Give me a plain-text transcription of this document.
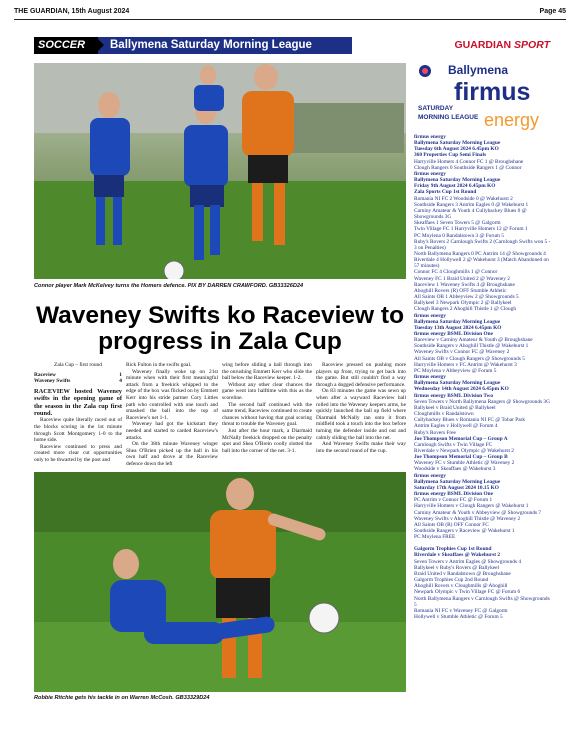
THE GUARDIAN, 15th August 2024	Page 45
SOCCER	Ballymena Saturday Morning League	GUARDIAN SPORT
Connor player Mark McKelvey turns the Homers defence. PIX BY DARREN CRAWFORD. GB33326D24
Waveney Swifts ko Raceview to progress in Zala Cup
Zala Cup – first round
Raceview	1
Waveney Swifts	4
RACEVIEW hosted Waveney swifts in the opening game of the season in the Zala cup first round.
Raceview quite literally raced out of the blocks scoring in the 1st minute through Scott Montgomery 1-0 to the home side.
Raceview continued to press and created more clear cut opportunities only to be thwarted by the post and
Rick Fulton in the swifts goal.
Waveney finally woke up on 21st minute when with their first meaningful attack from a freekick whipped to the edge of the box was flicked on by Emmett Kerr into his stride partner Cory Littles path who controlled with one touch and smashed the ball into the top of Raceview's net 1-1.
Waveney had got the kickstart they needed and started to carded Raceview's attacks.
On the 38th minute Waveney winger Shea O'Brien picked up the ball in his own half and drove at the Raceview defence down the left
wing before sliding a ball through into the onrushing Emmett Kerr who slide the ball below the Raceview keeper. 1-2.
Without any other clear chances the game went into halftime with this as the scoreline.
The second half continued with the same trend, Raceview continued to create chances without having that goal scoring threat to trouble the Waveney goal.
Just after the hour mark, a Diarmaid McNally freekick dropped on the penalty spot and Shea O'Brein coolly slotted the ball into the corner of the net. 3-1.
Raceview pressed on pushing more players up front, trying to get back into the game. But still couldn't find a way through a dogged defensive performance.
On 83 minutes the game was sewn up when after a wayward Raceview ball rolled into the Waveney keepers arms, he quickly launched the ball up field where Diarmaid McNally ran onto it from midfield took a touch into the box before turning the defender inside and out and calmly sliding the ball into the net.
And Waveney Swifts make their way into the second round of the cup.
Robbie Ritchie gets his tackle in on Warren McCosh. GB33329D24
Ballymena
firmus
SATURDAY
MORNING LEAGUE energy
firmus energy
Ballymena Saturday Morning League
Tuesday 6th August 2024 6.45pm KO
360 Properties Cup Semi Finals
Harryville Homers 4 Connor FC 1 @ Broughshane
Clough Rangers 0 Southside Rangers 1 @ Connor
firmus energy
Ballymena Saturday Morning League
Friday 9th August 2024 6.45pm KO
Zala Sports Cup 1st Round
Romania NI FC 2 Woodside 0 @ Wakehurst 2
Southside Rangers 3 Antrim Eagles 0 @ Wakehurst 1
Carniny Amateur & Youth 4 Cullybackey Blues 0 @ Showgrounds 3G
Skeaffaes 1 Seven Towers 5 @ Galgorm
Twin Village FC 1 Harryville Homers 12 @ Forum 1
PC Moylena 0 Randalstown 3 @ Forum 5
Ruby's Rovers 2 Carnlough Swifts 2 (Carnlough Swifts won 5 - 3 on Penalties)
North Ballymena Rangers 0 PC Antrim 14 @ Showgrounds 4
Riverdale 4 Hollywell 2 @ Wakehurst 3 (Match Abandoned on 57 minutes)
Connor FC 4 Cloughmills 1 @ Connor
Waveney FC 1 Braid United 2 @ Waveney 2
Raceview 1 Waveney Swifts 4 @ Broughshane
Ahoghill Rovers (R) OFF Stumble Athletic
All Saints OB 1 Abbeyview 2 @ Showgrounds 5
Ballykeel 3 Newpark Olympic 2 @ Ballykeel
Clough Rangers 2 Ahoghill Thistle 1 @ Clough
firmus energy
Ballymena Saturday Morning League
Tuesday 13th August 2024 6.45pm KO
firmus energy BSML Division One
Raceview v Carniny Amateur & Youth @ Broughshane
Southside Rangers v Ahoghill Thistle @ Wakehurst 1
Waveney Swifts v Connor FC @ Waveney 2
All Saints OB v Clough Rangers @ Showgrounds 5
Harryville Homers v FC Antrim @ Wakehurst 3
PC Moylena v Abbeyview @ Forum 5
firmus energy
Ballymena Saturday Morning League
Wednesday 14th August 2024 6.45pm KO
firmus energy BSML Division Two
Seven Towers v North Ballymena Rangers @ Showgrounds 3G
Ballykeel v Braid United @ Ballykeel
Cloughmills v Randalstown
Cullybackey Blues v Romania NI FC @ Tobar Park
Antrim Eagles v Hollywell @ Forum 4
Ruby's Rovers Free
Joe Thompson Memorial Cup – Group A
Carnlough Swifts v Twin Village FC
Riverdale v Newpark Olympic @ Wakehurst 2
Joe Thompson Memorial Cup – Group B
Waveney FC v Stumble Athletic @ Waveney 2
Woodside v Skeaffaes @ Wakehurst 3
firmus energy
Ballymena Saturday Morning League
Saturday 17th August 2024 10.15 KO
firmus energy BSML Division One
PC Antrim v Connor FC @ Forum 1
Harryville Homers v Clough Rangers @ Wakehurst 1
Carniny Amateur & Youth v Abbeyview @ Showgrounds 7
Waveney Swifts v Ahoghill Thistle @ Waveney 2
All Saints OB (R) OFF Connor FC
Southside Rangers v Raceview @ Wakehurst 1
PC Moylena FREE
Galgorm Trophies Cup 1st Round
Riverdale v Skeaffaes @ Wakehurst 2
Seven Towers v Antrim Eagles @ Showgrounds 4
Ballykeel v Ruby's Rovers @ Ballykeel
Braid United v Randalstown @ Broughshane
Galgorm Trophies Cup 2nd Round
Ahoghill Rovers v Cloughmills @ Ahoghill
Newpark Olympic v Twin Village FC @ Forum 6
North Ballymena Rangers v Carnlough Swifts @ Showgrounds 5
Romania NI FC v Waveney FC @ Galgorm
Hollywell v Stumble Athletic @ Forum 5
